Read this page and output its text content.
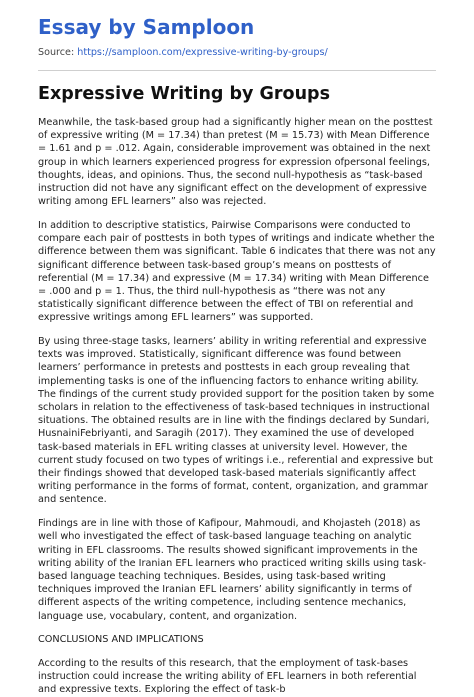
Essay by Samploon
Source: https://samploon.com/expressive-writing-by-groups/
Expressive Writing by Groups

Meanwhile, the task-based group had a significantly higher mean on the posttest of expressive writing (M = 17.34) than pretest (M = 15.73) with Mean Difference = 1.61 and p = .012. Again, considerable improvement was obtained in the next group in which learners experienced progress for expression ofpersonal feelings, thoughts, ideas, and opinions. Thus, the second null-hypothesis as “task-based instruction did not have any significant effect on the development of expressive writing among EFL learners” also was rejected.

In addition to descriptive statistics, Pairwise Comparisons were conducted to compare each pair of posttests in both types of writings and indicate whether the difference between them was significant. Table 6 indicates that there was not any significant difference between task-based group’s means on posttests of referential (M = 17.34) and expressive (M = 17.34) writing with Mean Difference = .000 and p = 1. Thus, the third null-hypothesis as “there was not any statistically significant difference between the effect of TBI on referential and expressive writings among EFL learners” was supported.

By using three-stage tasks, learners’ ability in writing referential and expressive texts was improved. Statistically, significant difference was found between learners’ performance in pretests and posttests in each group revealing that implementing tasks is one of the influencing factors to enhance writing ability. The findings of the current study provided support for the position taken by some scholars in relation to the effectiveness of task-based techniques in instructional situations. The obtained results are in line with the findings declared by Sundari, HusnainiFebriyanti, and Saragih (2017). They examined the use of developed task-based materials in EFL writing classes at university level. However, the current study focused on two types of writings i.e., referential and expressive but their findings showed that developed task-based materials significantly affect writing performance in the forms of format, content, organization, and grammar and sentence.

Findings are in line with those of Kafipour, Mahmoudi, and Khojasteh (2018) as well who investigated the effect of task-based language teaching on analytic writing in EFL classrooms. The results showed significant improvements in the writing ability of the Iranian EFL learners who practiced writing skills using task-based language teaching techniques. Besides, using task-based writing techniques improved the Iranian EFL learners’ ability significantly in terms of different aspects of the writing competence, including sentence mechanics, language use, vocabulary, content, and organization.

CONCLUSIONS AND IMPLICATIONS

According to the results of this research, that the employment of task-bases instruction could increase the writing ability of EFL learners in both referential and expressive texts. Exploring the effect of task-b
